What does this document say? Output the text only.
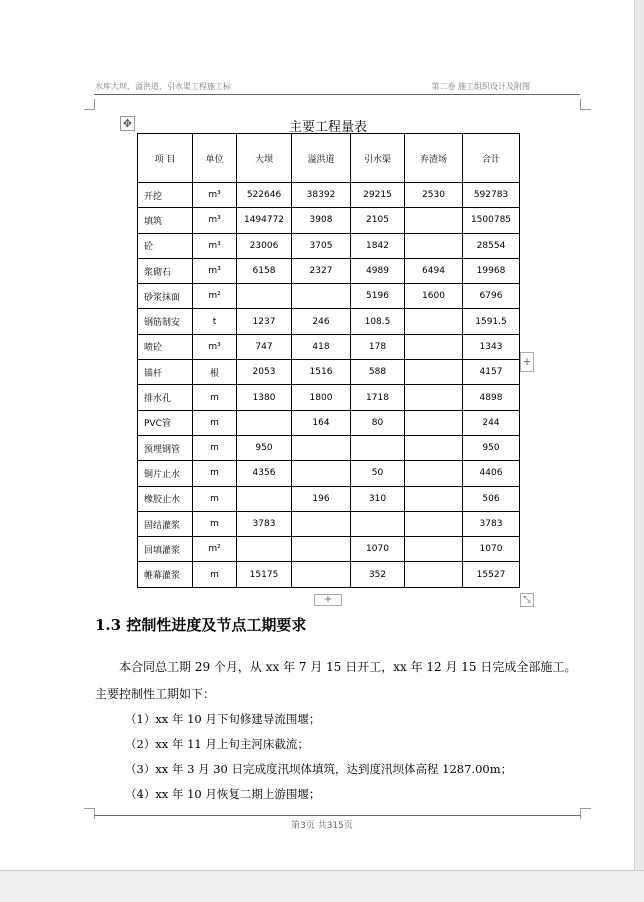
水库大坝、溢洪道、引水渠工程施工标	第二卷 施工组织设计及附图
✥	主要工程量表
项 目	单位	大坝	溢洪道	引水渠	弃渣场	合计
开挖	m³	522646	38392	29215	2530	592783
填筑	m³	1494772	3908	2105		1500785
砼	m³	23006	3705	1842		28554
浆砌石	m³	6158	2327	4989	6494	19968
砂浆抹面	m²			5196	1600	6796
钢筋制安	t	1237	246	108.5		1591.5
喷砼	m³	747	418	178		1343
锚杆	根	2053	1516	588		4157
排水孔	m	1380	1800	1718		4898
PVC管	m		164	80		244
预埋钢管	m	950				950
铜片止水	m	4356		50		4406
橡胶止水	m		196	310		506
固结灌浆	m	3783				3783
回填灌浆	m²			1070		1070
帷幕灌浆	m	15175		352		15527
+
+	⤡
1.3 控制性进度及节点工期要求
本合同总工期 29 个月，从 xx 年 7 月 15 日开工，xx 年 12 月 15 日完成全部施工。
主要控制性工期如下：
（1）xx 年 10 月下旬修建导流围堰；
（2）xx 年 11 月上旬主河床截流；
（3）xx 年 3 月 30 日完成度汛坝体填筑，达到度汛坝体高程 1287.00m；
（4）xx 年 10 月恢复二期上游围堰；
第3页 共315页
